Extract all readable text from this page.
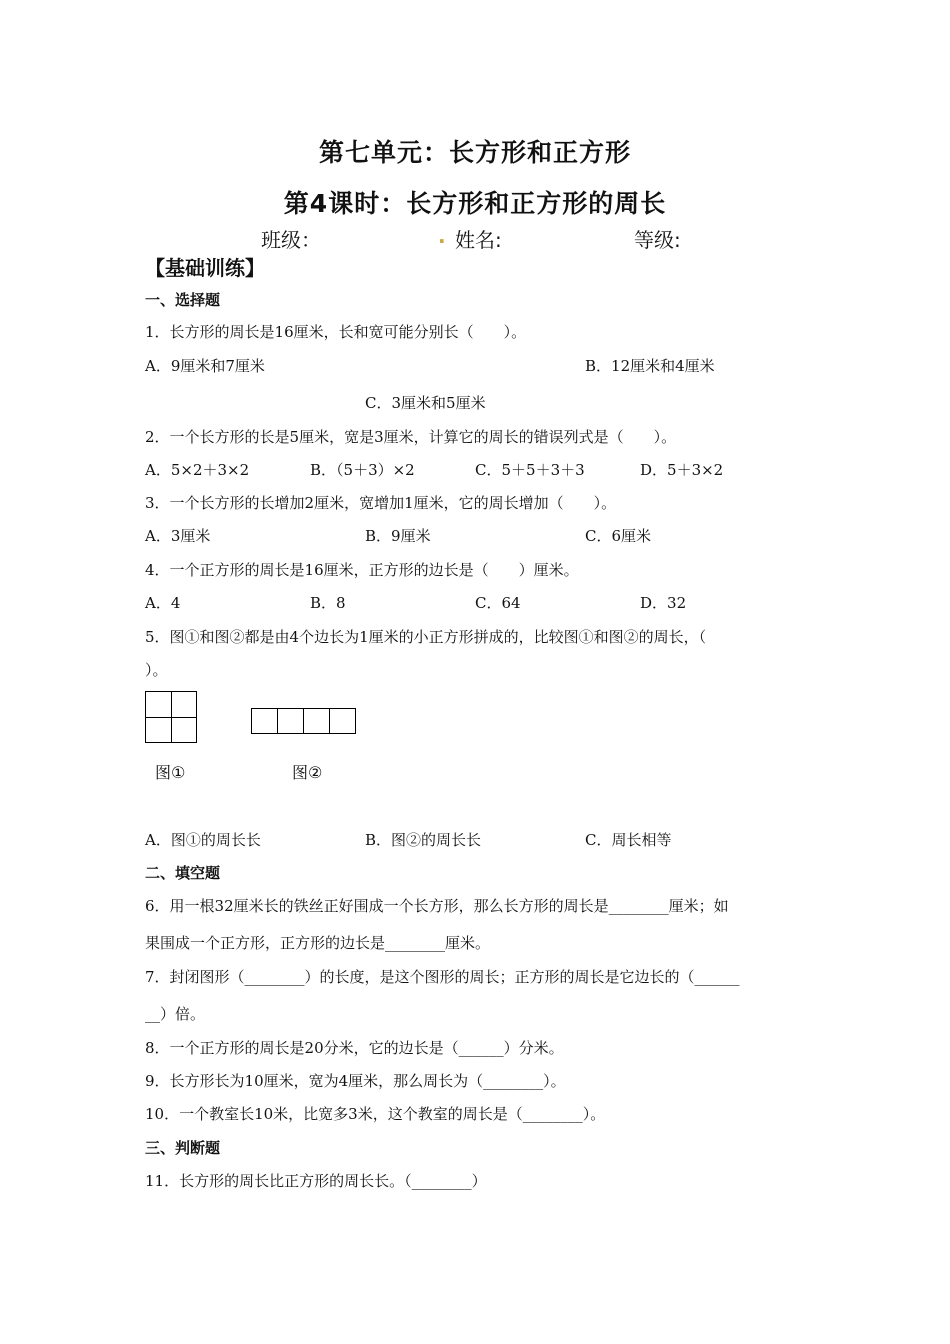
第七单元：长方形和正方形
第4课时：长方形和正方形的周长
班级：	. 姓名:	等级:
【基础训练】
一、选择题
1．长方形的周长是16厘米，长和宽可能分别长（　　）。
A．9厘米和7厘米	B．12厘米和4厘米
C．3厘米和5厘米
2．一个长方形的长是5厘米，宽是3厘米，计算它的周长的错误列式是（　　）。
A．5×2＋3×2	B．（5＋3）×2	C．5＋5＋3＋3	D．5＋3×2
3．一个长方形的长增加2厘米，宽增加1厘米，它的周长增加（　　）。
A．3厘米	B．9厘米	C．6厘米
4．一个正方形的周长是16厘米，正方形的边长是（　　）厘米。
A．4	B．8	C．64	D．32
5．图①和图②都是由4个边长为1厘米的小正方形拼成的，比较图①和图②的周长，（
）。
图①	图②
A．图①的周长长	B．图②的周长长	C．周长相等
二、填空题
6．用一根32厘米长的铁丝正好围成一个长方形，那么长方形的周长是________厘米；如
果围成一个正方形，正方形的边长是________厘米。
7．封闭图形（________）的长度，是这个图形的周长；正方形的周长是它边长的（______
__）倍。
8．一个正方形的周长是20分米，它的边长是（______）分米。
9．长方形长为10厘米，宽为4厘米，那么周长为（________）。
10．一个教室长10米，比宽多3米，这个教室的周长是（________）。
三、判断题
11．长方形的周长比正方形的周长长。（________）
